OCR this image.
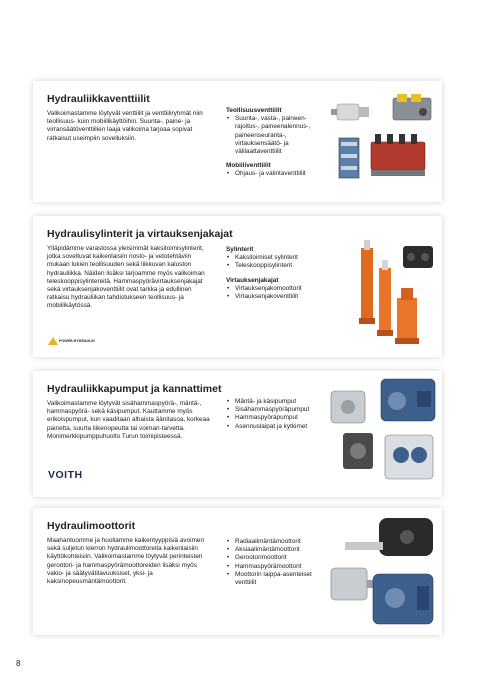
Hydrauliikkaventtiilit
Valikoimastamme löytyvät venttiilit ja venttiiliryhmät niin teollisuus- kuin mobiilikäyttöihin. Suunta-, paine- ja virransäätöventtiilien laaja valikoima tarjoaa sopivat ratkaisut useimpiin sovelluksiin.
Teollisuusventtiilit
• Suunta-, vasta-, paineen-rajoitus-, paineenalennus-, paineenseuranta-, virtauksensäätö- ja välilaattaventtiilit
Mobiiliventtiilit
• Ohjaus- ja valintaventtiilit
Hydraulisylinterit ja virtauksenjakajat
Ylläpidämme varastossa yleisimmät kaksitoimisylinterit, jotka soveltuvat kaikenlaisiin nosto- ja vetotehtäviin mukaan lukien teollisuuden sekä liikkuvan kaluston hydrauliikka. Näiden lisäksi tarjoamme myös valikoiman teleskooppisylintereitä. Hammaspyörävirtauksenjakajat sekä virtauksenjakoventtiilit ovat tarkka ja edullinen ratkaisu hydrauliikan tahdistukseen teollisuus- ja mobiilikäytössä.
POWER-HYDRAULIK
Sylinterit
• Kaksitoimiset sylinterit
• Teleskooppisylinterit
Virtauksenjakajat
• Virtauksenjakomoottorit
• Virtauksenjakoventtiilit
Hydrauliikkapumput ja kannattimet
Valikoimastamme löytyvät sisähammaspyörä-, mäntä-, hammaspyörä- sekä käsipumput. Kauttamme myös erikoispumput, kun vaaditaan alhaista äänitasoa, korkeaa painetta, suurta liikenopeutta tai voiman-tarvetta. Monimerkkipumppuhuolto Turun toimipisteessä.
VOITH
• Mäntä- ja käsipumput
• Sisähammaspyöräpumput
• Hammaspyöräpumput
• Asennuslaipat ja kytkimet
Hydraulimoottorit
Maahantuomme ja huollamme kaikentyyppisiä avoimen sekä suljetun kierron hydraulimoottoreita kaikenlaisiin käyttökohteisiin. Valikoimastamme löytyvät perinteisten gerootori- ja hammaspyörämoottoreiden lisäksi myös vakio- ja säätyvätilavuuksiset, yksi- ja kaksinopeusmäntämoottorit.
• Radiaalimäntämoottorit
• Aksiaalimäntämoottorit
• Gerootorimoottorit
• Hammaspyörämoottorit
• Moottorin laippa-asenteiset venttiilit
8
